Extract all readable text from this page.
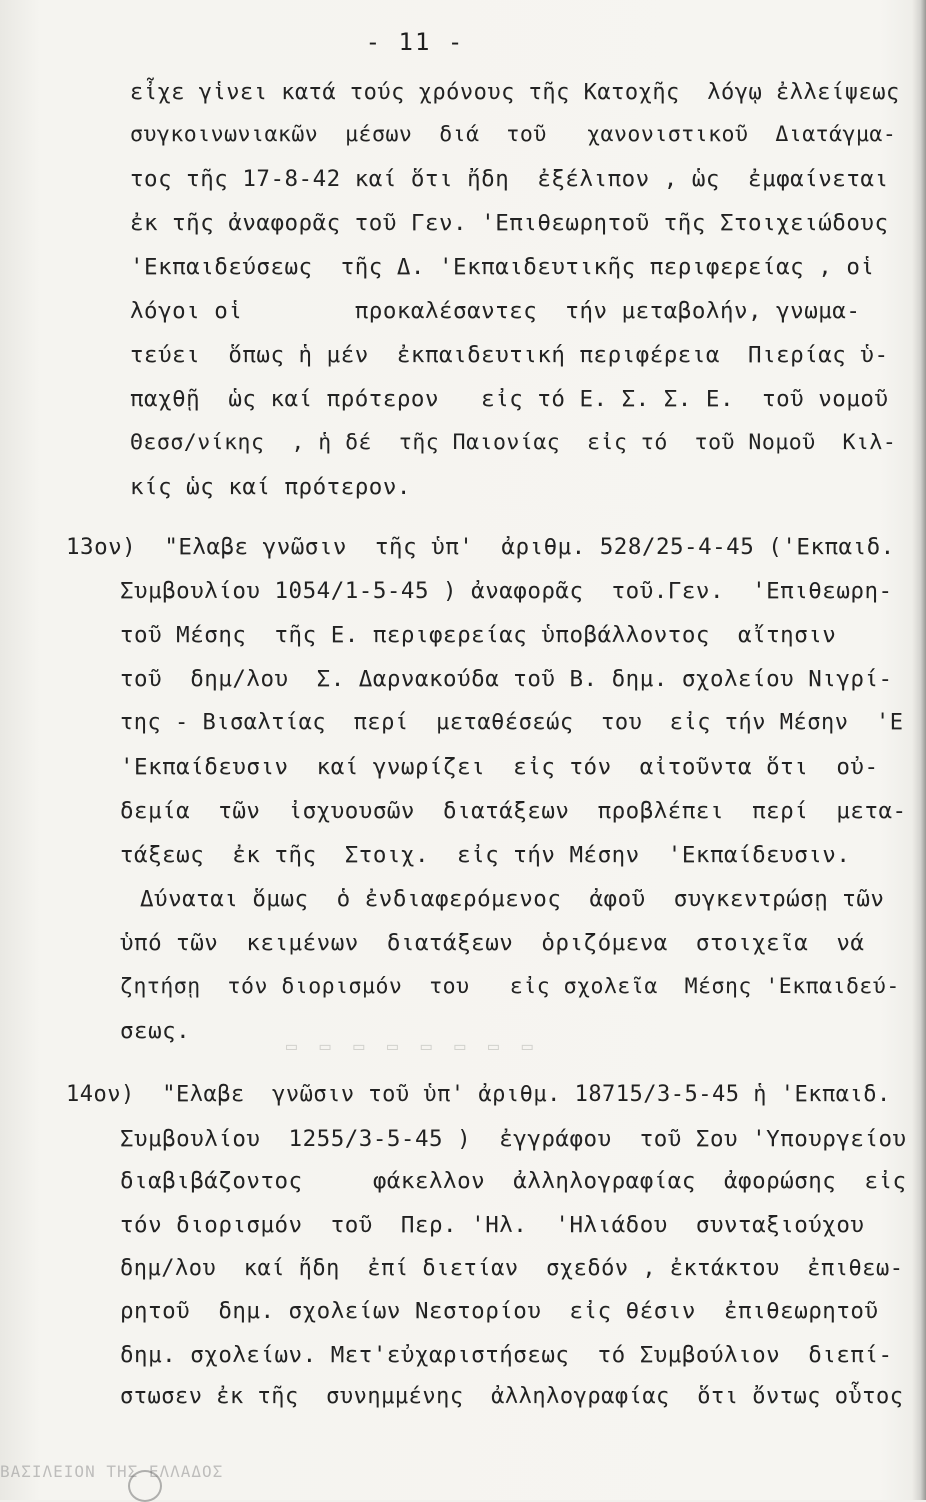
- 11 -
▭ ▭ ▭ ▭ ▭ ▭ ▭ ▭
εἶχε γἱνει κατά τούς χρόνους τῆς Κατοχῆς  λόγῳ ἐλλείψεως
συγκοινωνιακῶν  μέσων  διά  τοῦ   χανονιστικοῦ  Διατάγμα-
τος τῆς 17-8-42 καί ὅτι ἤδη  ἐξέλιπον , ὡς  ἐμφαίνεται
ἐκ τῆς ἀναφορᾶς τοῦ Γεν. 'Επιθεωρητοῦ τῆς Στοιχειώδους
'Εκπαιδεύσεως  τῆς Δ. 'Εκπαιδευτικῆς περιφερείας , οἱ
λόγοι οἱ        προκαλέσαντες  τήν μεταβολήν, γνωμα-
τεύει  ὅπως ἡ μέν  ἐκπαιδευτική περιφέρεια  Πιερίας ὑ-
παχθῇ  ὡς καί πρότερον   εἰς τό Ε. Σ. Σ. Ε.  τοῦ νομοῦ
Θεσσ/νίκης  , ἡ δέ  τῆς Παιονίας  εἰς τό  τοῦ Νομοῦ  Κιλ-
κίς ὡς καί πρότερον.
13ον)  "Ελαβε γνῶσιν  τῆς ὑπ'  ἀριθμ. 528/25-4-45 ('Εκπαιδ.
Συμβουλίου 1054/1-5-45 ) ἀναφορᾶς  τοῦ.Γεν.  'Επιθεωρη-
τοῦ Μέσης  τῆς Ε. περιφερείας ὑποβάλλοντος  αἴτησιν
τοῦ  δημ/λου  Σ. Δαρνακούδα τοῦ Β. δημ. σχολείου Νιγρί-
της - Βισαλτίας  περί  μεταθέσεώς  του  εἰς τήν Μέσην  'Ε
'Εκπαίδευσιν  καί γνωρίζει  εἰς τόν  αἰτοῦντα ὅτι  οὐ-
δεμία  τῶν  ἰσχυουσῶν  διατάξεων  προβλέπει  περί  μετα-
τάξεως  ἐκ τῆς  Στοιχ.  εἰς τήν Μέσην  'Εκπαίδευσιν.
Δύναται ὅμως  ὁ ἐνδιαφερόμενος  ἀφοῦ  συγκεντρώσῃ τῶν
ὑπό τῶν  κειμένων  διατάξεων  ὁριζόμενα  στοιχεῖα  νά
ζητήσῃ  τόν διορισμόν  του   εἰς σχολεῖα  Μέσης 'Εκπαιδεύ-
σεως.
14ον)  "Ελαβε  γνῶσιν τοῦ ὑπ' ἀριθμ. 18715/3-5-45 ἡ 'Εκπαιδ.
Συμβουλίου  1255/3-5-45 )  ἐγγράφου  τοῦ Σου 'Υπουργείου
διαβιβάζοντος     φάκελλον  ἀλληλογραφίας  ἀφορώσης  εἰς
τόν διορισμόν  τοῦ  Περ. 'Ηλ.  'Ηλιάδου  συνταξιούχου
δημ/λου  καί ἤδη  ἐπί διετίαν  σχεδόν , ἐκτάκτου  ἐπιθεω-
ρητοῦ  δημ. σχολείων Νεστορίου  εἰς θέσιν  ἐπιθεωρητοῦ
δημ. σχολείων. Μετ'εὐχαριστήσεως  τό Συμβούλιον  διεπί-
στωσεν ἐκ τῆς  συνημμένης  ἀλληλογραφίας  ὅτι ὄντως οὗτος
ΒΑΣΙΛΕΙΟΝ ΤΗΣ ΕΛΛΑΔΟΣ
